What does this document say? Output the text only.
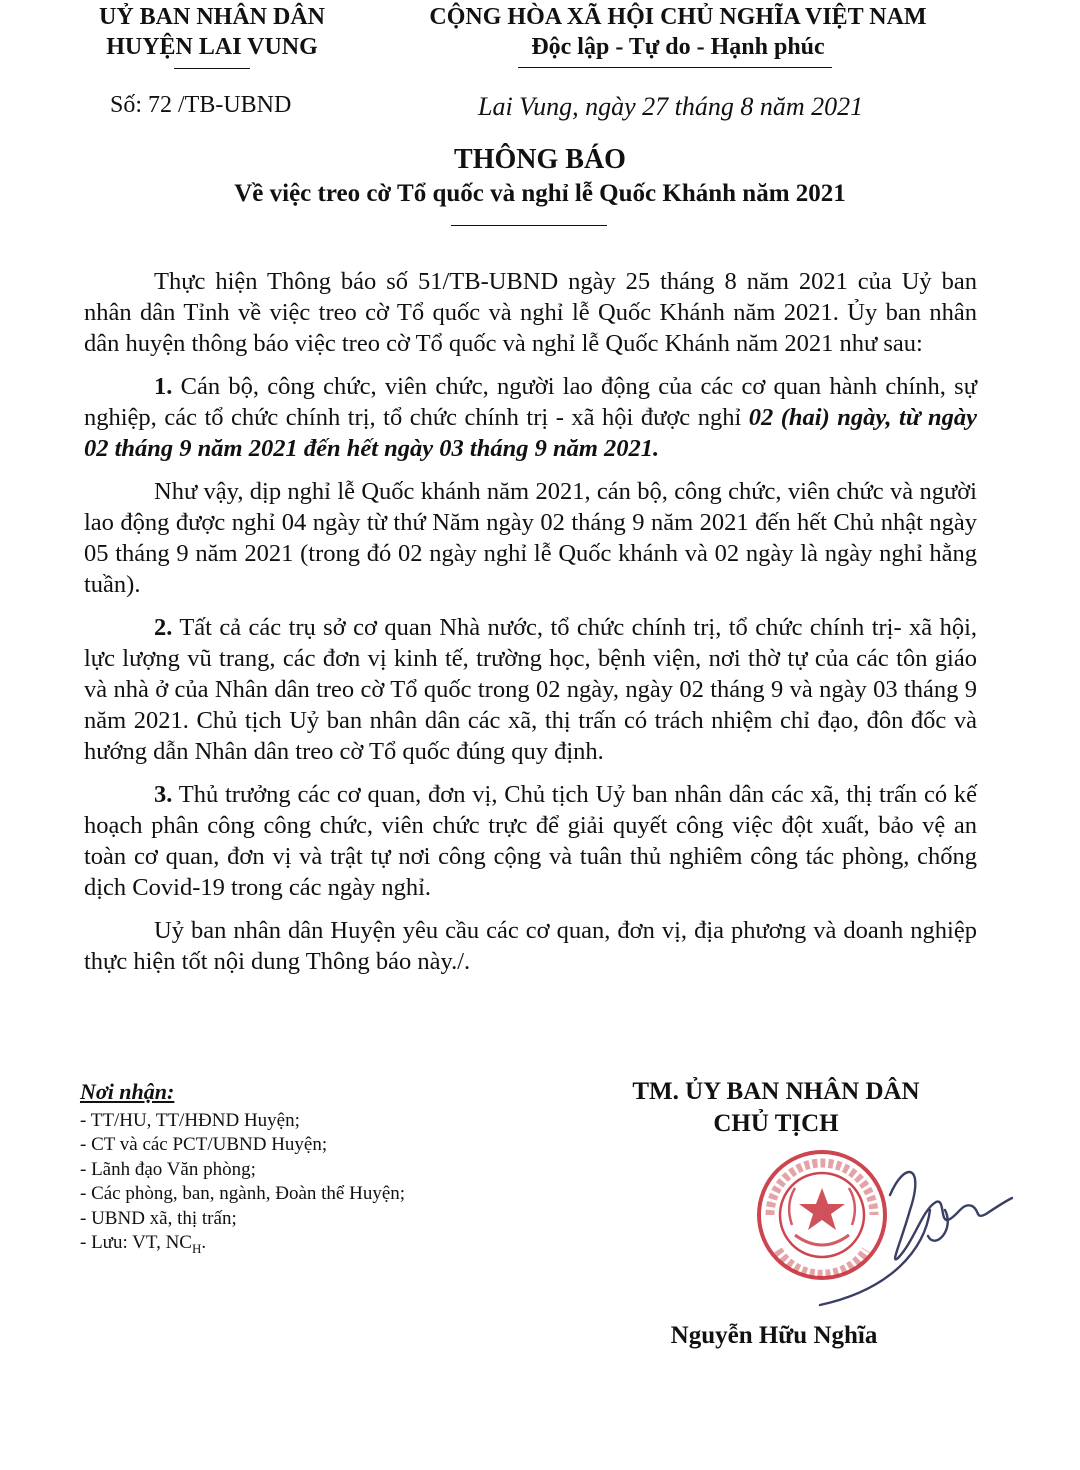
UỶ BAN NHÂN DÂN
HUYỆN LAI VUNG
CỘNG HÒA XÃ HỘI CHỦ NGHĨA VIỆT NAM
Độc lập - Tự do - Hạnh phúc
Số: 72 /TB-UBND	Lai Vung, ngày 27 tháng 8 năm 2021
THÔNG BÁO
Về việc treo cờ Tổ quốc và nghỉ lễ Quốc Khánh năm 2021

Thực hiện Thông báo số 51/TB-UBND ngày 25 tháng 8 năm 2021 của Uỷ ban nhân dân Tỉnh về việc treo cờ Tổ quốc và nghỉ lễ Quốc Khánh năm 2021. Ủy ban nhân dân huyện thông báo việc treo cờ Tổ quốc và nghỉ lễ Quốc Khánh năm 2021 như sau:

1. Cán bộ, công chức, viên chức, người lao động của các cơ quan hành chính, sự nghiệp, các tổ chức chính trị, tổ chức chính trị - xã hội được nghỉ 02 (hai) ngày, từ ngày 02 tháng 9 năm 2021 đến hết ngày 03 tháng 9 năm 2021.

Như vậy, dịp nghỉ lễ Quốc khánh năm 2021, cán bộ, công chức, viên chức và người lao động được nghỉ 04 ngày từ thứ Năm ngày 02 tháng 9 năm 2021 đến hết Chủ nhật ngày 05 tháng 9 năm 2021 (trong đó 02 ngày nghỉ lễ Quốc khánh và 02 ngày là ngày nghỉ hằng tuần).

2. Tất cả các trụ sở cơ quan Nhà nước, tổ chức chính trị, tổ chức chính trị- xã hội, lực lượng vũ trang, các đơn vị kinh tế, trường học, bệnh viện, nơi thờ tự của các tôn giáo và nhà ở của Nhân dân treo cờ Tổ quốc trong 02 ngày, ngày 02 tháng 9 và ngày 03 tháng 9 năm 2021. Chủ tịch Uỷ ban nhân dân các xã, thị trấn có trách nhiệm chỉ đạo, đôn đốc và hướng dẫn Nhân dân treo cờ Tổ quốc đúng quy định.

3. Thủ trưởng các cơ quan, đơn vị, Chủ tịch Uỷ ban nhân dân các xã, thị trấn có kế hoạch phân công công chức, viên chức trực để giải quyết công việc đột xuất, bảo vệ an toàn cơ quan, đơn vị và trật tự nơi công cộng và tuân thủ nghiêm công tác phòng, chống dịch Covid-19 trong các ngày nghỉ.

Uỷ ban nhân dân Huyện yêu cầu các cơ quan, đơn vị, địa phương và doanh nghiệp thực hiện tốt nội dung Thông báo này./.

Nơi nhận:
- TT/HU, TT/HĐND Huyện;
- CT và các PCT/UBND Huyện;
- Lãnh đạo Văn phòng;
- Các phòng, ban, ngành, Đoàn thể Huyện;
- UBND xã, thị trấn;
- Lưu: VT, $NC_H$.
TM. ỦY BAN NHÂN DÂN
CHỦ TỊCH
Nguyễn Hữu Nghĩa
